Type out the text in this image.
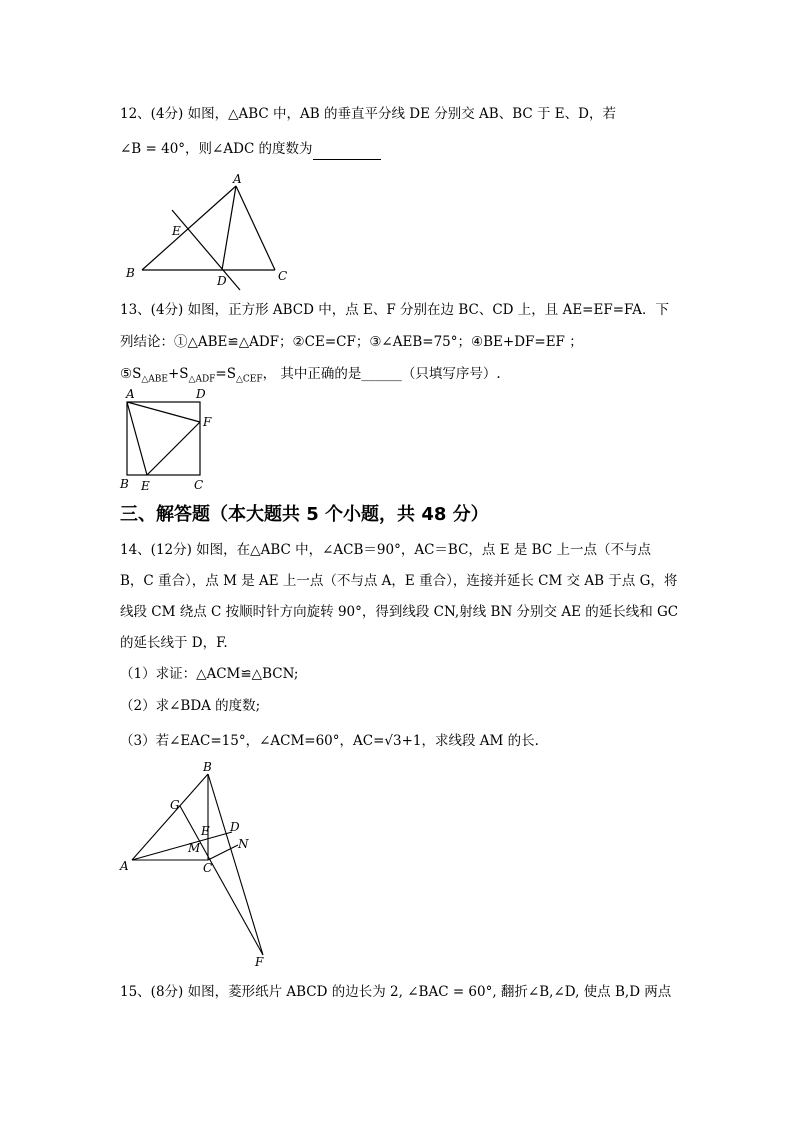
12、(4分) 如图，△ABC 中，AB 的垂直平分线 DE 分别交 AB、BC 于 E、D，若
∠B = 40°，则∠ADC 的度数为
A
B	C
D
E
13、(4分) 如图，正方形 ABCD 中，点 E、F 分别在边 BC、CD 上，且 AE=EF=FA．下
列结论：①△ABE≌△ADF；②CE=CF；③∠AEB=75°；④BE+DF=EF ；
$⑤S_{\triangle ABE}+S_{\triangle ADF}=S_{\triangle CEF}$， 其中正确的是______（只填写序号）.
A	D
F
B E	C
三、解答题（本大题共 5 个小题，共 48 分）
14、(12分) 如图，在△ABC 中，∠ACB＝90°，AC＝BC，点 E 是 BC 上一点（不与点
B，C 重合），点 M 是 AE 上一点（不与点 A，E 重合），连接并延长 CM 交 AB 于点 G，将
线段 CM 绕点 C 按顺时针方向旋转 90°，得到线段 CN,射线 BN 分别交 AE 的延长线和 GC
的延长线于 D，F.
（1）求证：△ACM≌△BCN;
（2）求∠BDA 的度数;
（3）若∠EAC=15°，∠ACM=60°，AC=√3+1，求线段 AM 的长.
B
G
E D
M	N
A	C
F
15、(8分) 如图，菱形纸片 ABCD 的边长为 2, ∠BAC = 60°, 翻折∠B,∠D, 使点 B,D 两点
